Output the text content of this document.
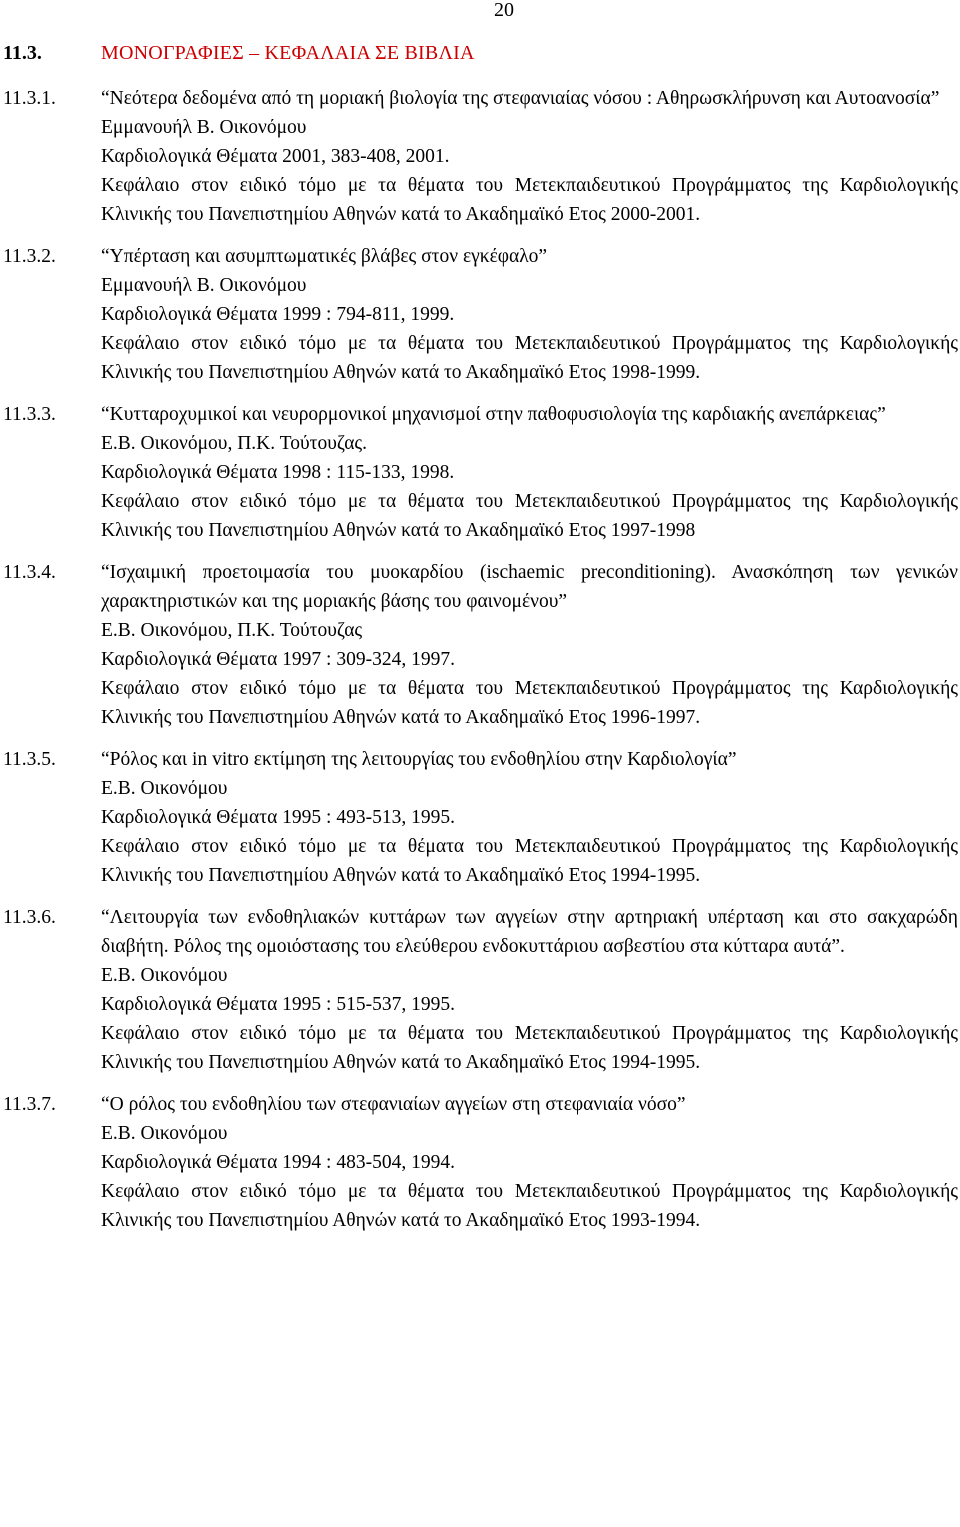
20
11.3.	ΜΟΝΟΓΡΑΦΙΕΣ – ΚΕΦΑΛΑΙΑ ΣΕ ΒΙΒΛΙΑ
11.3.1.	“Νεότερα δεδομένα από τη μοριακή βιολογία της στεφανιαίας νόσου : Αθηρωσκλήρυνση και Αυτοανοσία”
Εμμανουήλ Β. Οικονόμου
Καρδιολογικά Θέματα 2001, 383-408, 2001.
Κεφάλαιο στον ειδικό τόμο με τα θέματα του Μετεκπαιδευτικού Προγράμματος της Καρδιολογικής Κλινικής του Πανεπιστημίου Αθηνών κατά το Ακαδημαϊκό Ετος 2000-2001.
11.3.2.	“Υπέρταση και ασυμπτωματικές βλάβες στον εγκέφαλο”
Εμμανουήλ Β. Οικονόμου
Καρδιολογικά Θέματα 1999 : 794-811, 1999.
Κεφάλαιο στον ειδικό τόμο με τα θέματα του Μετεκπαιδευτικού Προγράμματος της Καρδιολογικής Κλινικής του Πανεπιστημίου Αθηνών κατά το Ακαδημαϊκό Ετος 1998-1999.
11.3.3.	“Κυτταροχυμικοί και νευρορμονικοί μηχανισμοί στην παθοφυσιολογία της καρδιακής ανεπάρκειας”
Ε.Β. Οικονόμου, Π.Κ. Τούτουζας.
Καρδιολογικά Θέματα 1998 : 115-133, 1998.
Κεφάλαιο στον ειδικό τόμο με τα θέματα του Μετεκπαιδευτικού Προγράμματος της Καρδιολογικής Κλινικής του Πανεπιστημίου Αθηνών κατά το Ακαδημαϊκό Ετος 1997-1998
11.3.4.	“Ισχαιμική προετοιμασία του μυοκαρδίου (ischaemic preconditioning). Ανασκόπηση των γενικών χαρακτηριστικών και της μοριακής βάσης του φαινομένου”
Ε.Β. Οικονόμου, Π.Κ. Τούτουζας
Καρδιολογικά Θέματα 1997 : 309-324, 1997.
Κεφάλαιο στον ειδικό τόμο με τα θέματα του Μετεκπαιδευτικού Προγράμματος της Καρδιολογικής Κλινικής του Πανεπιστημίου Αθηνών κατά το Ακαδημαϊκό Ετος 1996-1997.
11.3.5.	“Ρόλος και in vitro εκτίμηση της λειτουργίας του ενδοθηλίου στην Καρδιολογία”
Ε.Β. Οικονόμου
Καρδιολογικά Θέματα 1995 : 493-513, 1995.
Κεφάλαιο στον ειδικό τόμο με τα θέματα του Μετεκπαιδευτικού Προγράμματος της Καρδιολογικής Κλινικής του Πανεπιστημίου Αθηνών κατά το Ακαδημαϊκό Ετος 1994-1995.
11.3.6.	“Λειτουργία των ενδοθηλιακών κυττάρων των αγγείων στην αρτηριακή υπέρταση και στο σακχαρώδη διαβήτη. Ρόλος της ομοιόστασης του ελεύθερου ενδοκυττάριου ασβεστίου στα κύτταρα αυτά”.
Ε.Β. Οικονόμου
Καρδιολογικά Θέματα 1995 : 515-537, 1995.
Κεφάλαιο στον ειδικό τόμο με τα θέματα του Μετεκπαιδευτικού Προγράμματος της Καρδιολογικής Κλινικής του Πανεπιστημίου Αθηνών κατά το Ακαδημαϊκό Ετος 1994-1995.
11.3.7.	“Ο ρόλος του ενδοθηλίου των στεφανιαίων αγγείων στη στεφανιαία νόσο”
Ε.Β. Οικονόμου
Καρδιολογικά Θέματα 1994 : 483-504, 1994.
Κεφάλαιο στον ειδικό τόμο με τα θέματα του Μετεκπαιδευτικού Προγράμματος της Καρδιολογικής Κλινικής του Πανεπιστημίου Αθηνών κατά το Ακαδημαϊκό Ετος 1993-1994.
